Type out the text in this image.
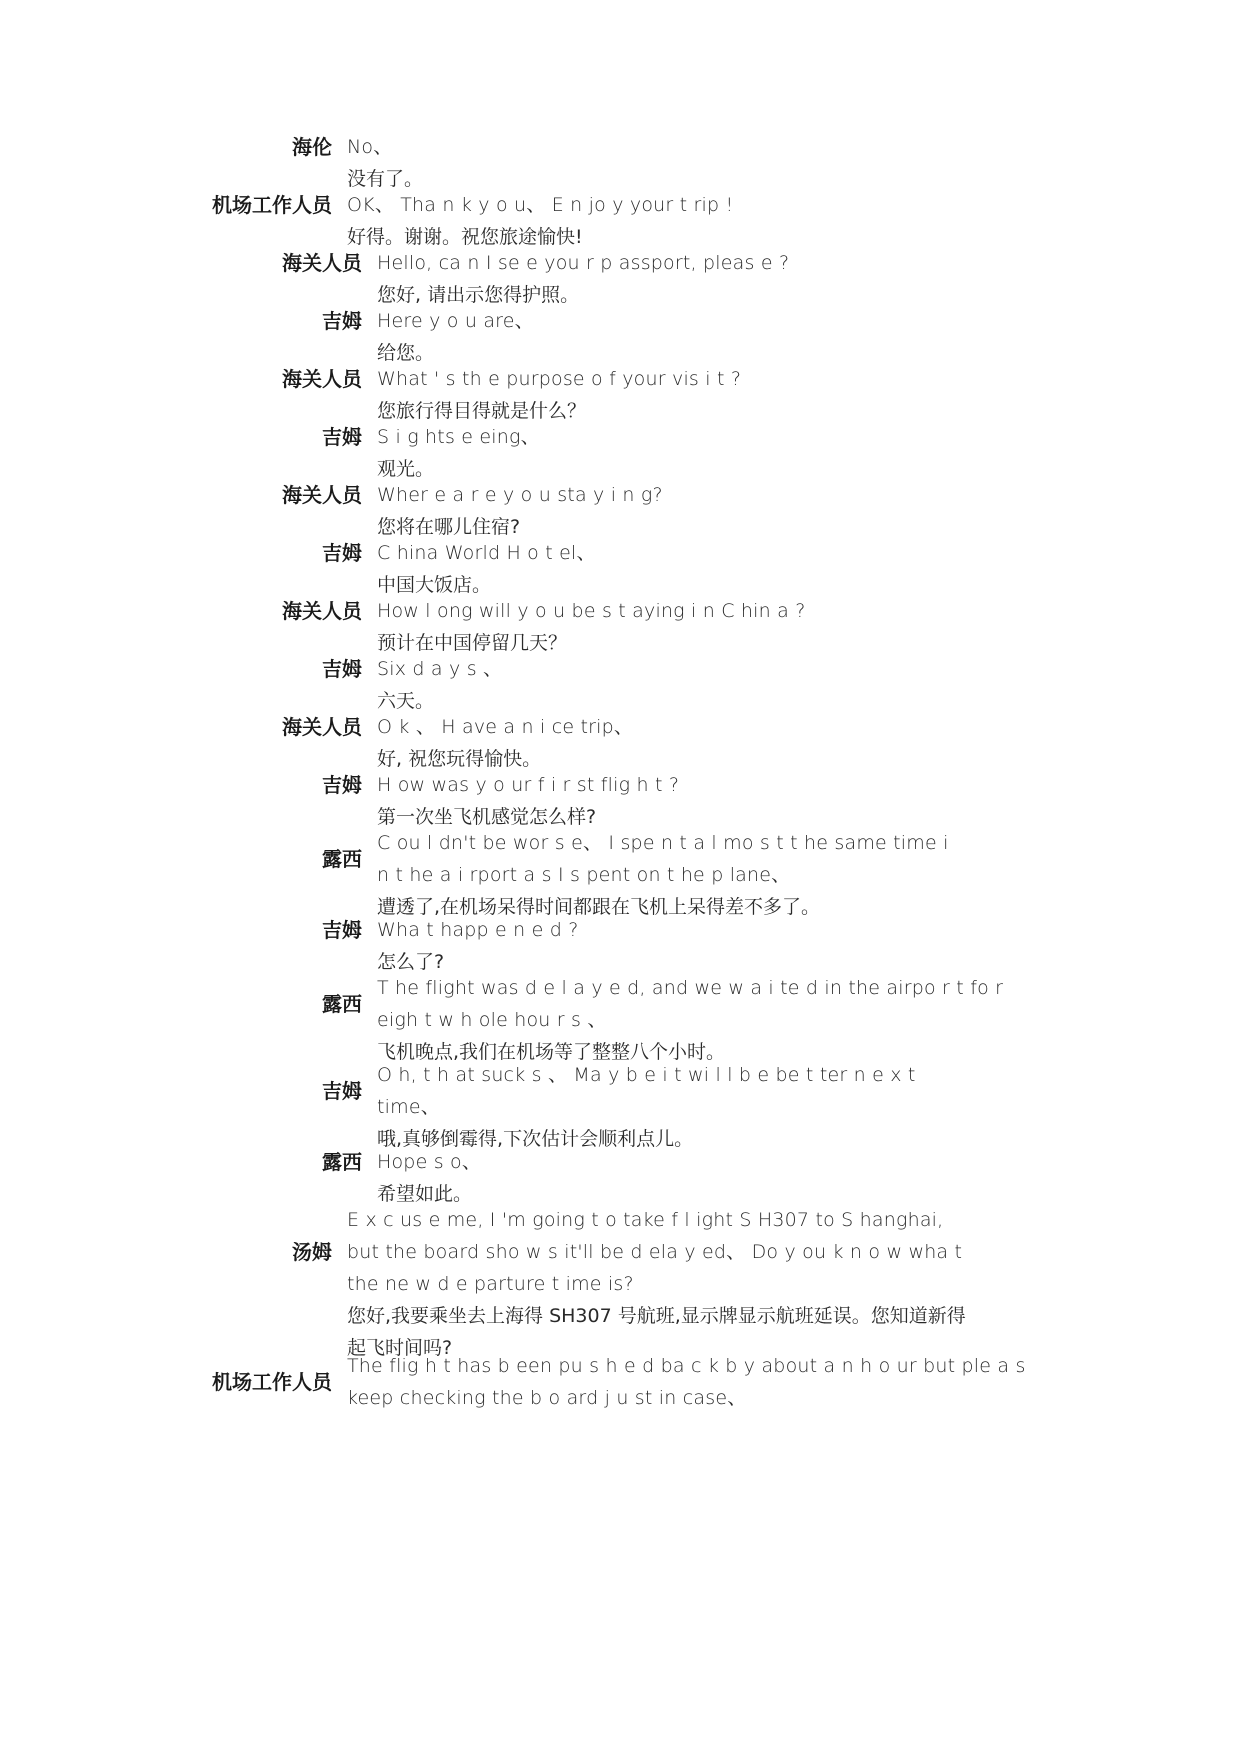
海伦 No、
没有了。
机场工作人员 OK、 Tha n k y o u、 E n jo y your t rip !
好得。谢谢。祝您旅途愉快!
海关人员 Hello, ca n I se e you r p assport, pleas e ?
您好, 请出示您得护照。
吉姆 Here y o u are、
给您。
海关人员 What ' s th e purpose o f your vis i t ?
您旅行得目得就是什么？
吉姆 S i g hts e eing、
观光。
海关人员 Wher e a r e y o u sta y i n g?
您将在哪儿住宿?
吉姆 C hina World H o t el、
中国大饭店。
海关人员 How l ong will y o u be s t aying i n C hin a ?
预计在中国停留几天？
吉姆 Six d a y s 、
六天。
海关人员 O k 、 H ave a n i ce trip、
好, 祝您玩得愉快。
吉姆 H ow was y o ur f i r st flig h t ?
第一次坐飞机感觉怎么样?
露西
C ou l dn't be wor s e、 I spe n t a l mo s t t he same time i
n t he a i rport a s I s pent on t he p lane、
遭透了,在机场呆得时间都跟在飞机上呆得差不多了。
吉姆 Wha t happ e n e d ?
怎么了?
露西
T he flight was d e l a y e d, and we w a i te d in the airpo r t fo r
eigh t w h ole hou r s 、
飞机晚点,我们在机场等了整整八个小时。
吉姆
O h, t h at suck s 、 Ma y b e i t wi l l b e be t ter n e x t
time、
哦,真够倒霉得,下次估计会顺利点儿。
露西 Hope s o、
希望如此。
汤姆
E x c us e me, I 'm going t o take f l ight S H307 to S hanghai,
but the board sho w s it'll be d ela y ed、 Do y ou k n o w wha t
the ne w d e parture t ime is?
您好,我要乘坐去上海得 SH307 号航班,显示牌显示航班延误。您知道新得
起飞时间吗?
机场工作人员
The flig h t has b een pu s h e d ba c k b y about a n h o ur but ple a s
keep checking the b o ard j u st in case、
